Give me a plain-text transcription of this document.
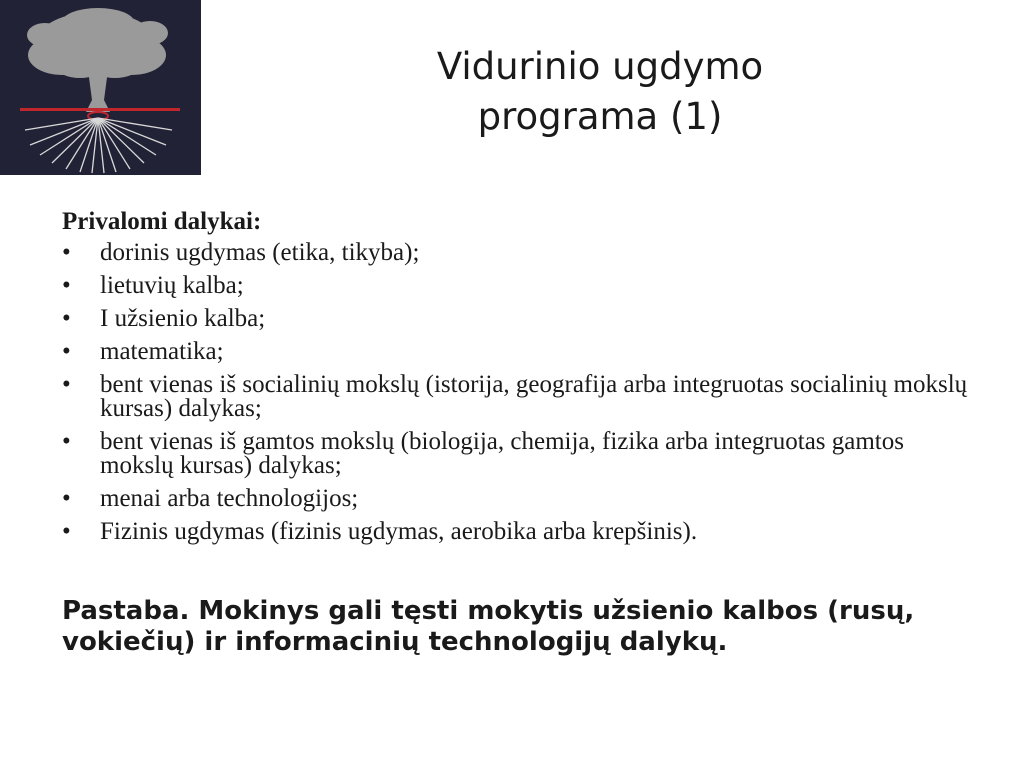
Vidurinio ugdymo
programa (1)
Privalomi dalykai:
• dorinis ugdymas (etika, tikyba);
• lietuvių kalba;
• I užsienio kalba;
• matematika;
• bent vienas iš socialinių mokslų (istorija, geografija arba integruotas socialinių mokslų kursas) dalykas;
• bent vienas iš gamtos mokslų (biologija, chemija, fizika arba integruotas gamtos mokslų kursas) dalykas;
• menai arba technologijos;
• Fizinis ugdymas (fizinis ugdymas, aerobika arba krepšinis).
Pastaba. Mokinys gali tęsti mokytis užsienio kalbos (rusų, vokiečių) ir informacinių technologijų dalykų.
